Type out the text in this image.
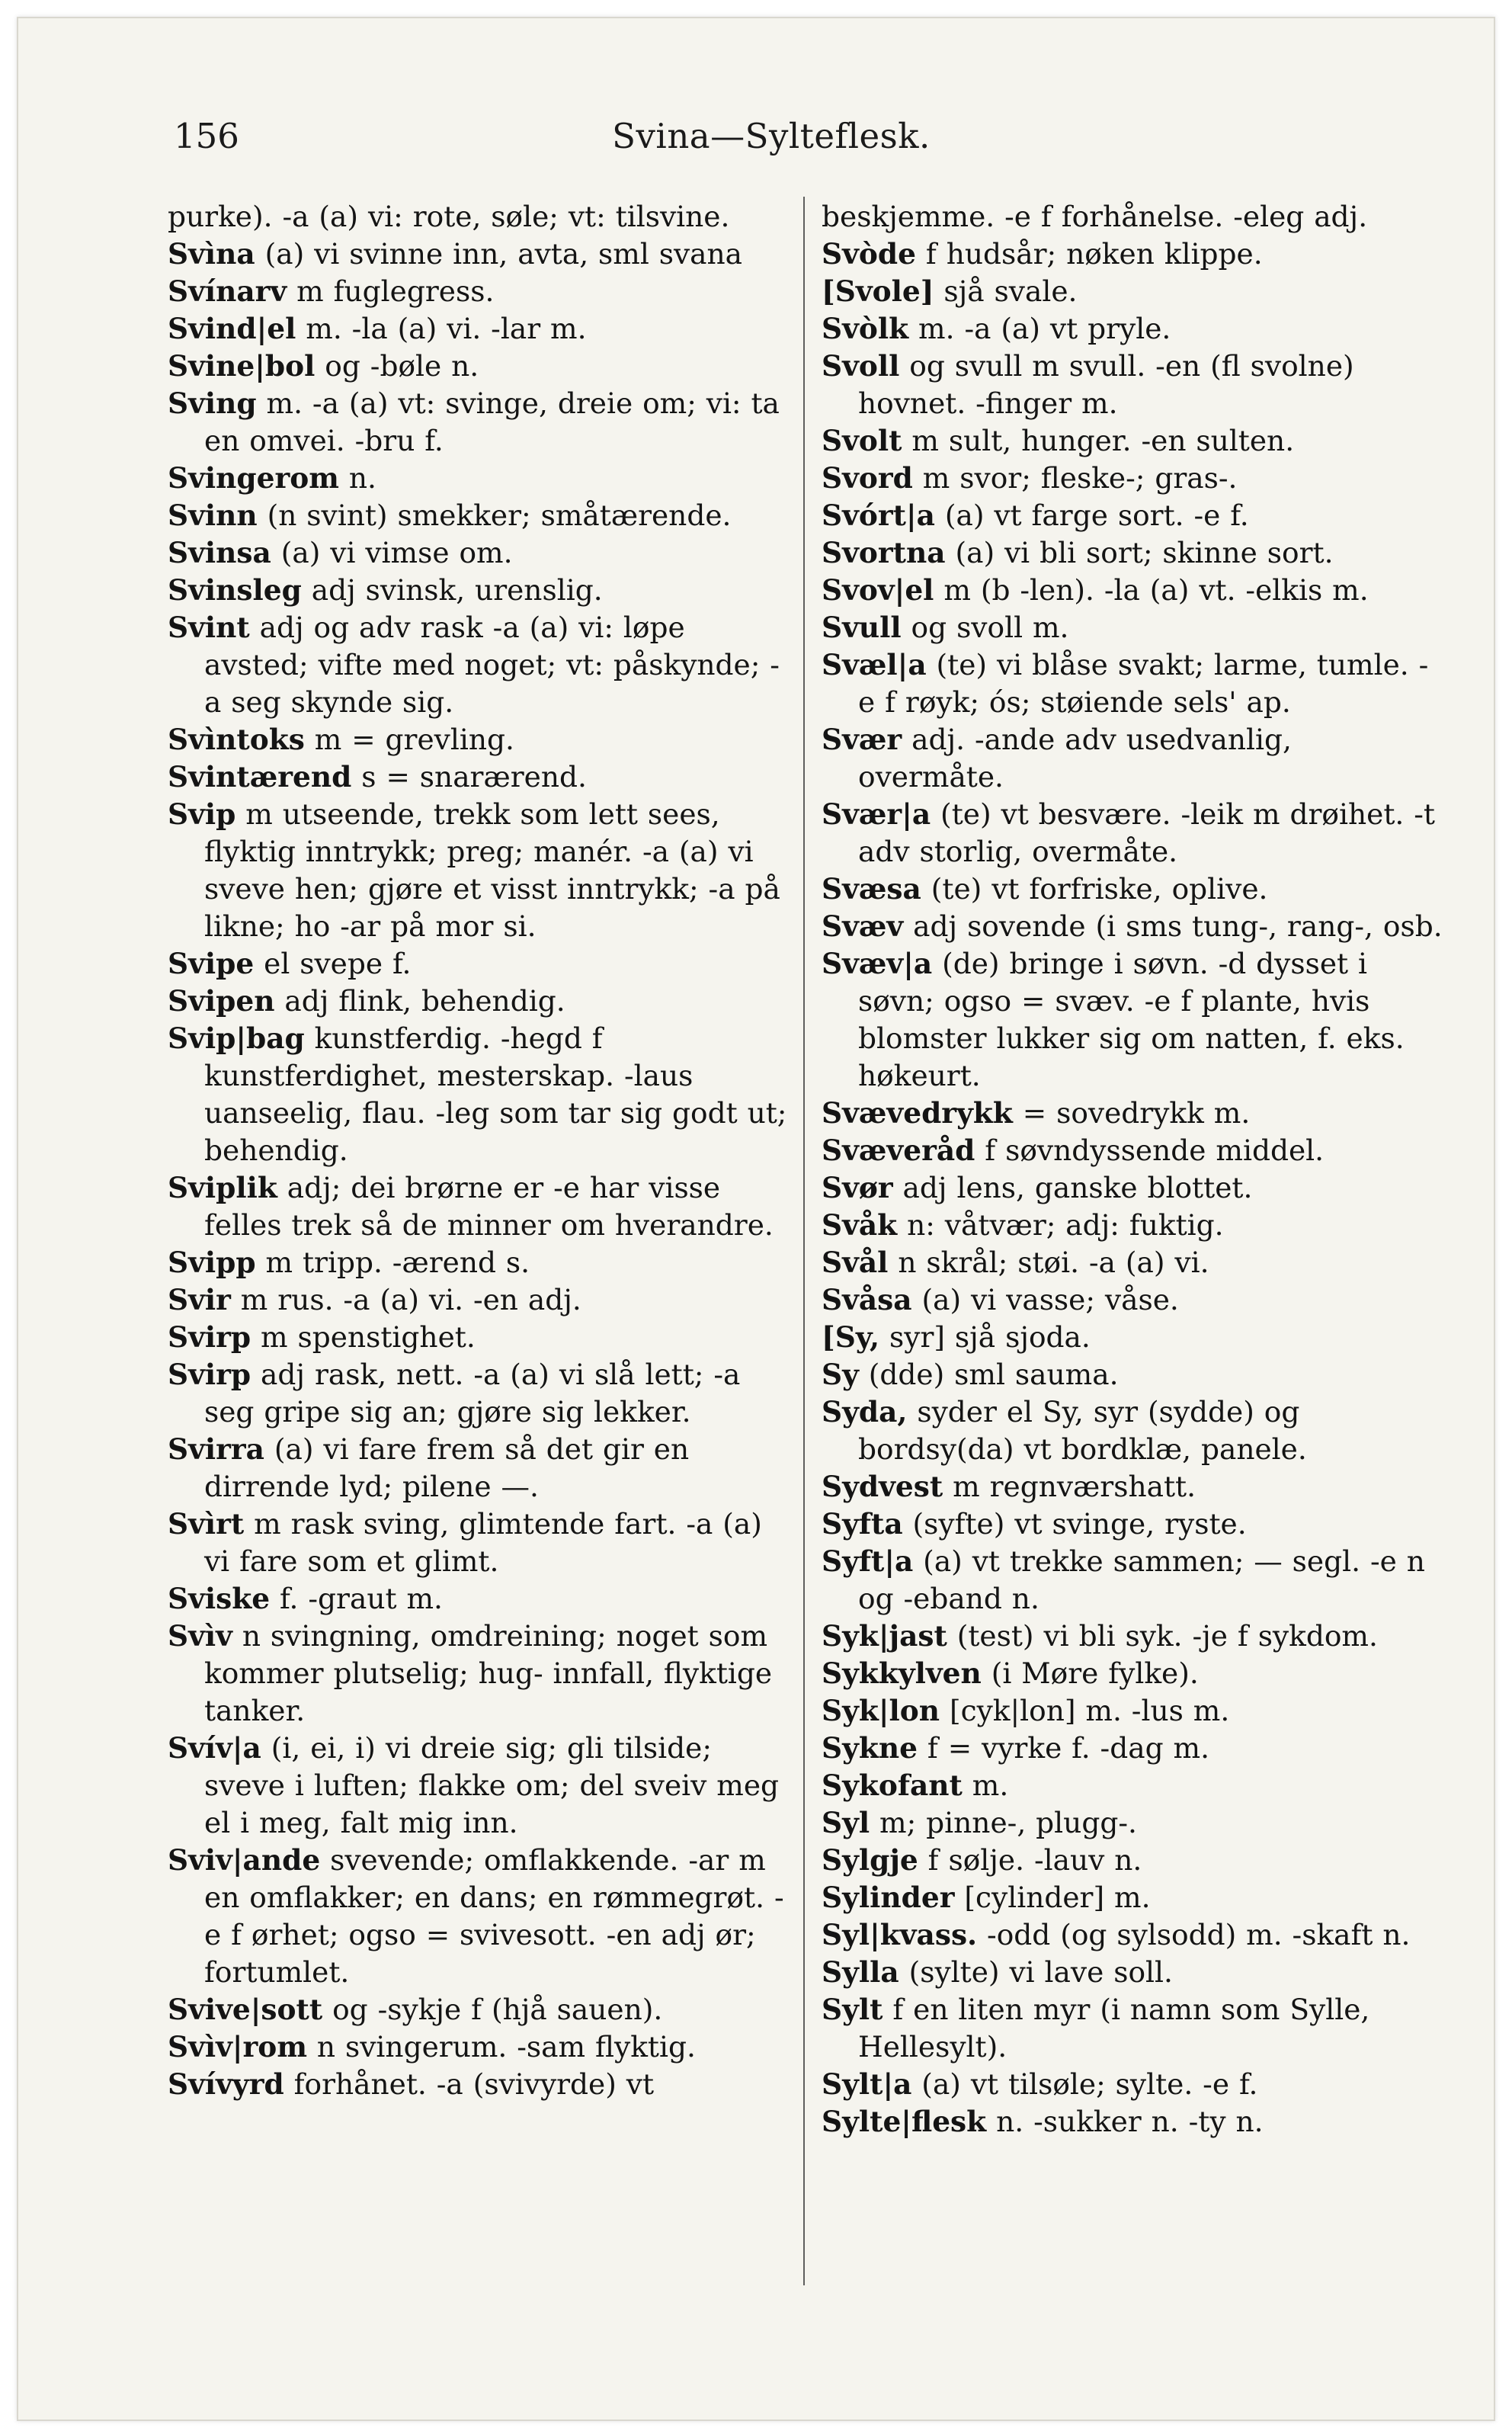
156	Svina—Sylteflesk.
purke). -a (a) vi: rote, søle; vt: tilsvine.
Svìna (a) vi svinne inn, avta, sml svana
Svínarv m fuglegress.
Svind|el m. -la (a) vi. -lar m.
Svine|bol og -bøle n.
Sving m. -a (a) vt: svinge, dreie om; vi: ta en omvei. -bru f.
Svingerom n.
Svinn (n svint) smekker; småtærende.
Svinsa (a) vi vimse om.
Svinsleg adj svinsk, urenslig.
Svint adj og adv rask -a (a) vi: løpe avsted; vifte med noget; vt: påskynde; -a seg skynde sig.
Svìntoks m = grevling.
Svintærend s = snarærend.
Svip m utseende, trekk som lett sees, flyktig inntrykk; preg; manér. -a (a) vi sveve hen; gjøre et visst inntrykk; -a på likne; ho -ar på mor si.
Svipe el svepe f.
Svipen adj flink, behendig.
Svip|bag kunstferdig. -hegd f kunstferdighet, mesterskap. -laus uanseelig, flau. -leg som tar sig godt ut; behendig.
Sviplik adj; dei brørne er -e har visse felles trek så de minner om hverandre.
Svipp m tripp. -ærend s.
Svir m rus. -a (a) vi. -en adj.
Svirp m spenstighet.
Svirp adj rask, nett. -a (a) vi slå lett; -a seg gripe sig an; gjøre sig lekker.
Svirra (a) vi fare frem så det gir en dirrende lyd; pilene —.
Svìrt m rask sving, glimtende fart. -a (a) vi fare som et glimt.
Sviske f. -graut m.
Svìv n svingning, omdreining; noget som kommer plutselig; hug- innfall, flyktige tanker.
Svív|a (i, ei, i) vi dreie sig; gli tilside; sveve i luften; flakke om; del sveiv meg el i meg, falt mig inn.
Sviv|ande svevende; omflakkende. -ar m en omflakker; en dans; en rømmegrøt. -e f ørhet; ogso = svivesott. -en adj ør; fortumlet.
Svive|sott og -sykje f (hjå sauen).
Svìv|rom n svingerum. -sam flyktig.
Svívyrd forhånet. -a (svivyrde) vt
beskjemme. -e f forhånelse. -eleg adj.
Svòde f hudsår; nøken klippe.
[Svole] sjå svale.
Svòlk m. -a (a) vt pryle.
Svoll og svull m svull. -en (fl svolne) hovnet. -finger m.
Svolt m sult, hunger. -en sulten.
Svord m svor; fleske-; gras-.
Svórt|a (a) vt farge sort. -e f.
Svortna (a) vi bli sort; skinne sort.
Svov|el m (b -len). -la (a) vt. -elkis m.
Svull og svoll m.
Svæl|a (te) vi blåse svakt; larme, tumle. -e f røyk; ós; støiende sels' ap.
Svær adj. -ande adv usedvanlig, overmåte.
Svær|a (te) vt besvære. -leik m drøihet. -t adv storlig, overmåte.
Svæsa (te) vt forfriske, oplive.
Svæv adj sovende (i sms tung-, rang-, osb.
Svæv|a (de) bringe i søvn. -d dysset i søvn; ogso = svæv. -e f plante, hvis blomster lukker sig om natten, f. eks. høkeurt.
Svævedrykk = sovedrykk m.
Svæveråd f søvndyssende middel.
Svør adj lens, ganske blottet.
Svåk n: våtvær; adj: fuktig.
Svål n skrål; støi. -a (a) vi.
Svåsa (a) vi vasse; våse.
[Sy, syr] sjå sjoda.
Sy (dde) sml sauma.
Syda, syder el Sy, syr (sydde) og bordsy(da) vt bordklæ, panele.
Sydvest m regnværshatt.
Syfta (syfte) vt svinge, ryste.
Syft|a (a) vt trekke sammen; — segl. -e n og -eband n.
Syk|jast (test) vi bli syk. -je f sykdom.
Sykkylven (i Møre fylke).
Syk|lon [cyk|lon] m. -lus m.
Sykne f = vyrke f. -dag m.
Sykofant m.
Syl m; pinne-, plugg-.
Sylgje f sølje. -lauv n.
Sylinder [cylinder] m.
Syl|kvass. -odd (og sylsodd) m. -skaft n.
Sylla (sylte) vi lave soll.
Sylt f en liten myr (i namn som Sylle, Hellesylt).
Sylt|a (a) vt tilsøle; sylte. -e f.
Sylte|flesk n. -sukker n. -ty n.
